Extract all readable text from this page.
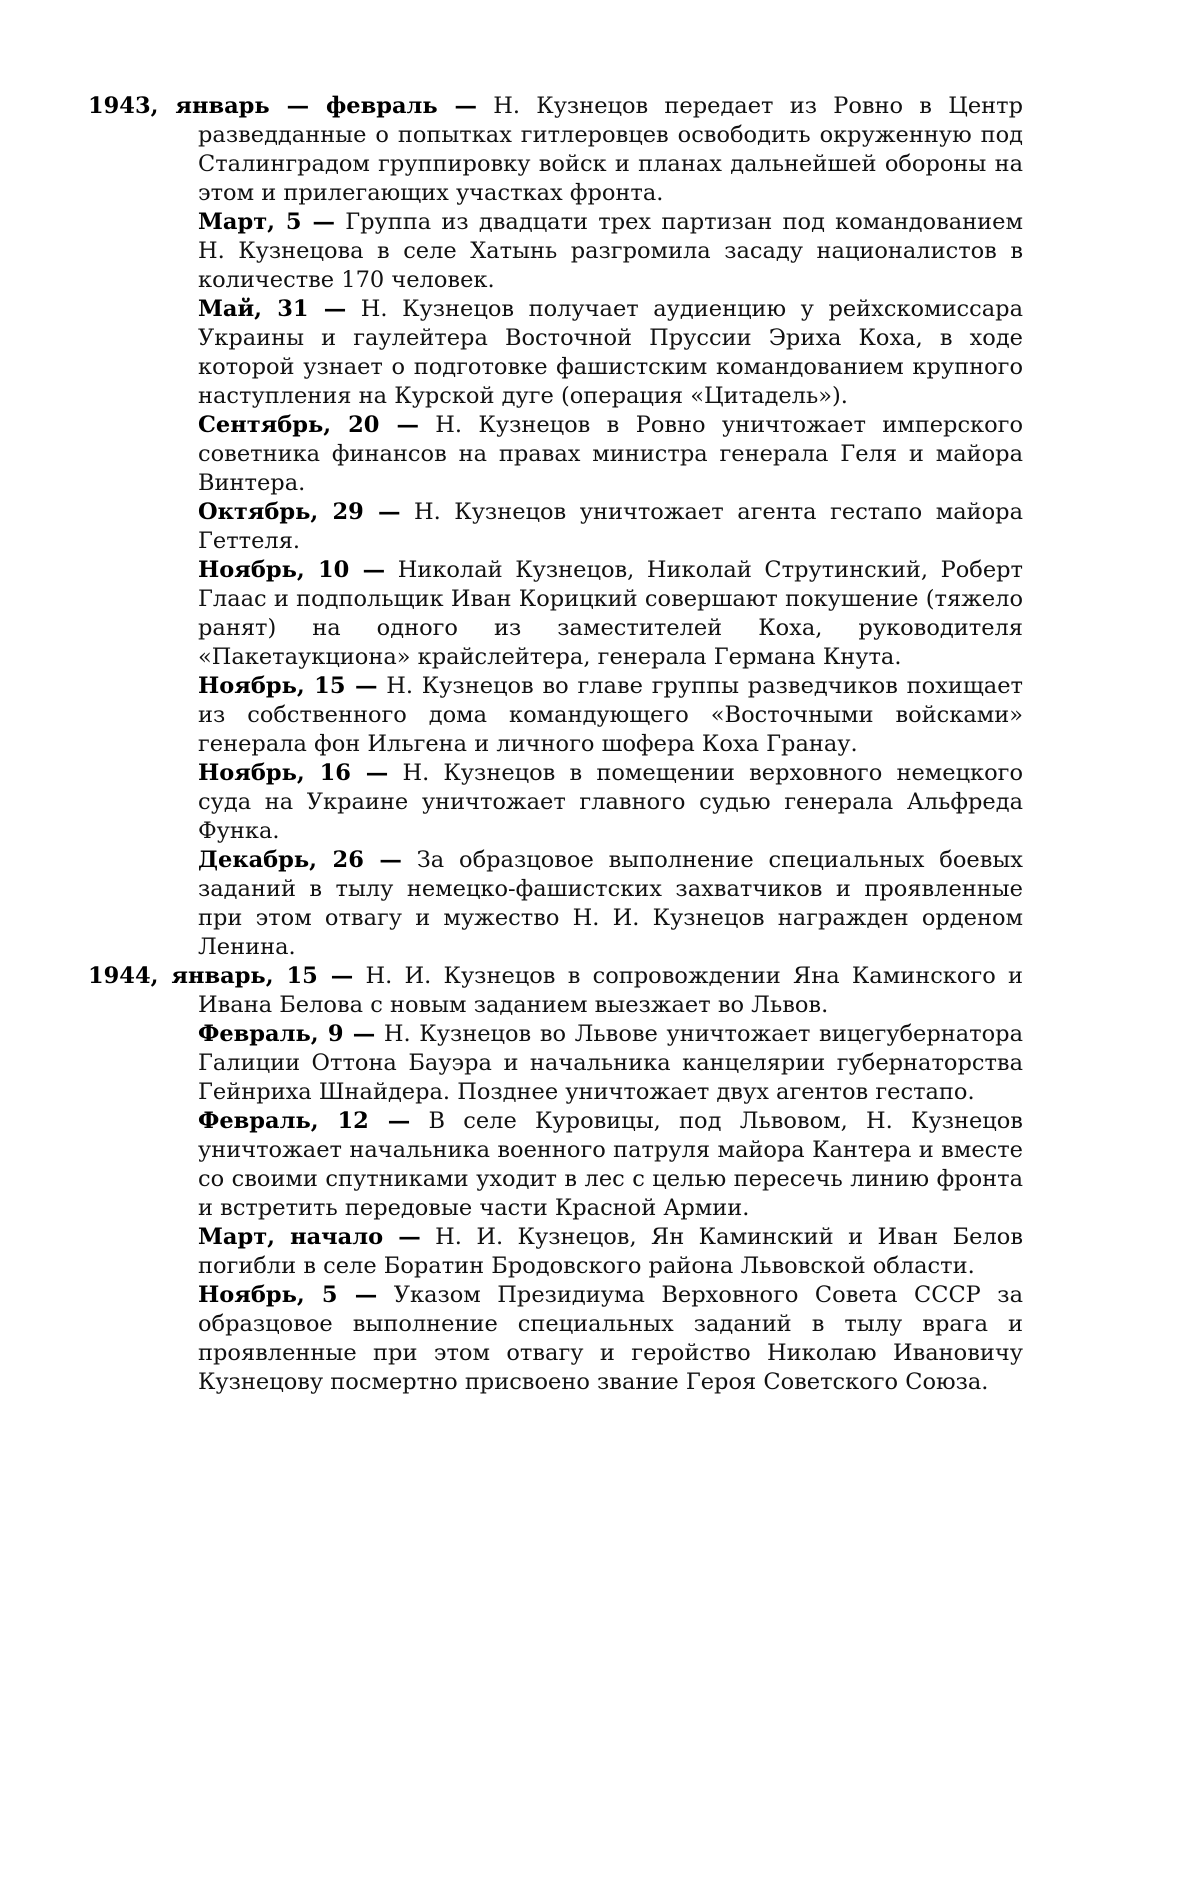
1943, январь — февраль — Н. Кузнецов передает из Ровно в Центр разведданные о попытках гитлеровцев освободить окруженную под Сталинградом группировку войск и планах дальнейшей обороны на этом и прилегающих участках фронта.

Март, 5 — Группа из двадцати трех партизан под командованием Н. Кузнецова в селе Хатынь разгромила засаду националистов в количестве 170 человек.

Май, 31 — Н. Кузнецов получает аудиенцию у рейхскомиссара Украины и гаулейтера Восточной Пруссии Эриха Коха, в ходе которой узнает о подготовке фашистским командованием крупного наступления на Курской дуге (операция «Цитадель»).

Сентябрь, 20 — Н. Кузнецов в Ровно уничтожает имперского советника финансов на правах министра генерала Геля и майора Винтера.

Октябрь, 29 — Н. Кузнецов уничтожает агента гестапо майора Геттеля.

Ноябрь, 10 — Николай Кузнецов, Николай Струтинский, Роберт Глаас и подпольщик Иван Корицкий совершают покушение (тяжело ранят) на одного из заместителей Коха, руководителя «Пакетаукциона» крайслейтера, генерала Германа Кнута.

Ноябрь, 15 — Н. Кузнецов во главе группы разведчиков похищает из собственного дома командующего «Восточными войсками» генерала фон Ильгена и личного шофера Коха Гранау.

Ноябрь, 16 — Н. Кузнецов в помещении верховного немецкого суда на Украине уничтожает главного судью генерала Альфреда Функа.

Декабрь, 26 — За образцовое выполнение специальных боевых заданий в тылу немецко-фашистских захватчиков и проявленные при этом отвагу и мужество Н. И. Кузнецов награжден орденом Ленина.

1944, январь, 15 — Н. И. Кузнецов в сопровождении Яна Каминского и Ивана Белова с новым заданием выезжает во Львов.

Февраль, 9 — Н. Кузнецов во Львове уничтожает вицегубернатора Галиции Оттона Бауэра и начальника канцелярии губернаторства Гейнриха Шнайдера. Позднее уничтожает двух агентов гестапо.

Февраль, 12 — В селе Куровицы, под Львовом, Н. Кузнецов уничтожает начальника военного патруля майора Кантера и вместе со своими спутниками уходит в лес с целью пересечь линию фронта и встретить передовые части Красной Армии.

Март, начало — Н. И. Кузнецов, Ян Каминский и Иван Белов погибли в селе Боратин Бродовского района Львовской области.

Ноябрь, 5 — Указом Президиума Верховного Совета СССР за образцовое выполнение специальных заданий в тылу врага и проявленные при этом отвагу и геройство Николаю Ивановичу Кузнецову посмертно присвоено звание Героя Советского Союза.
